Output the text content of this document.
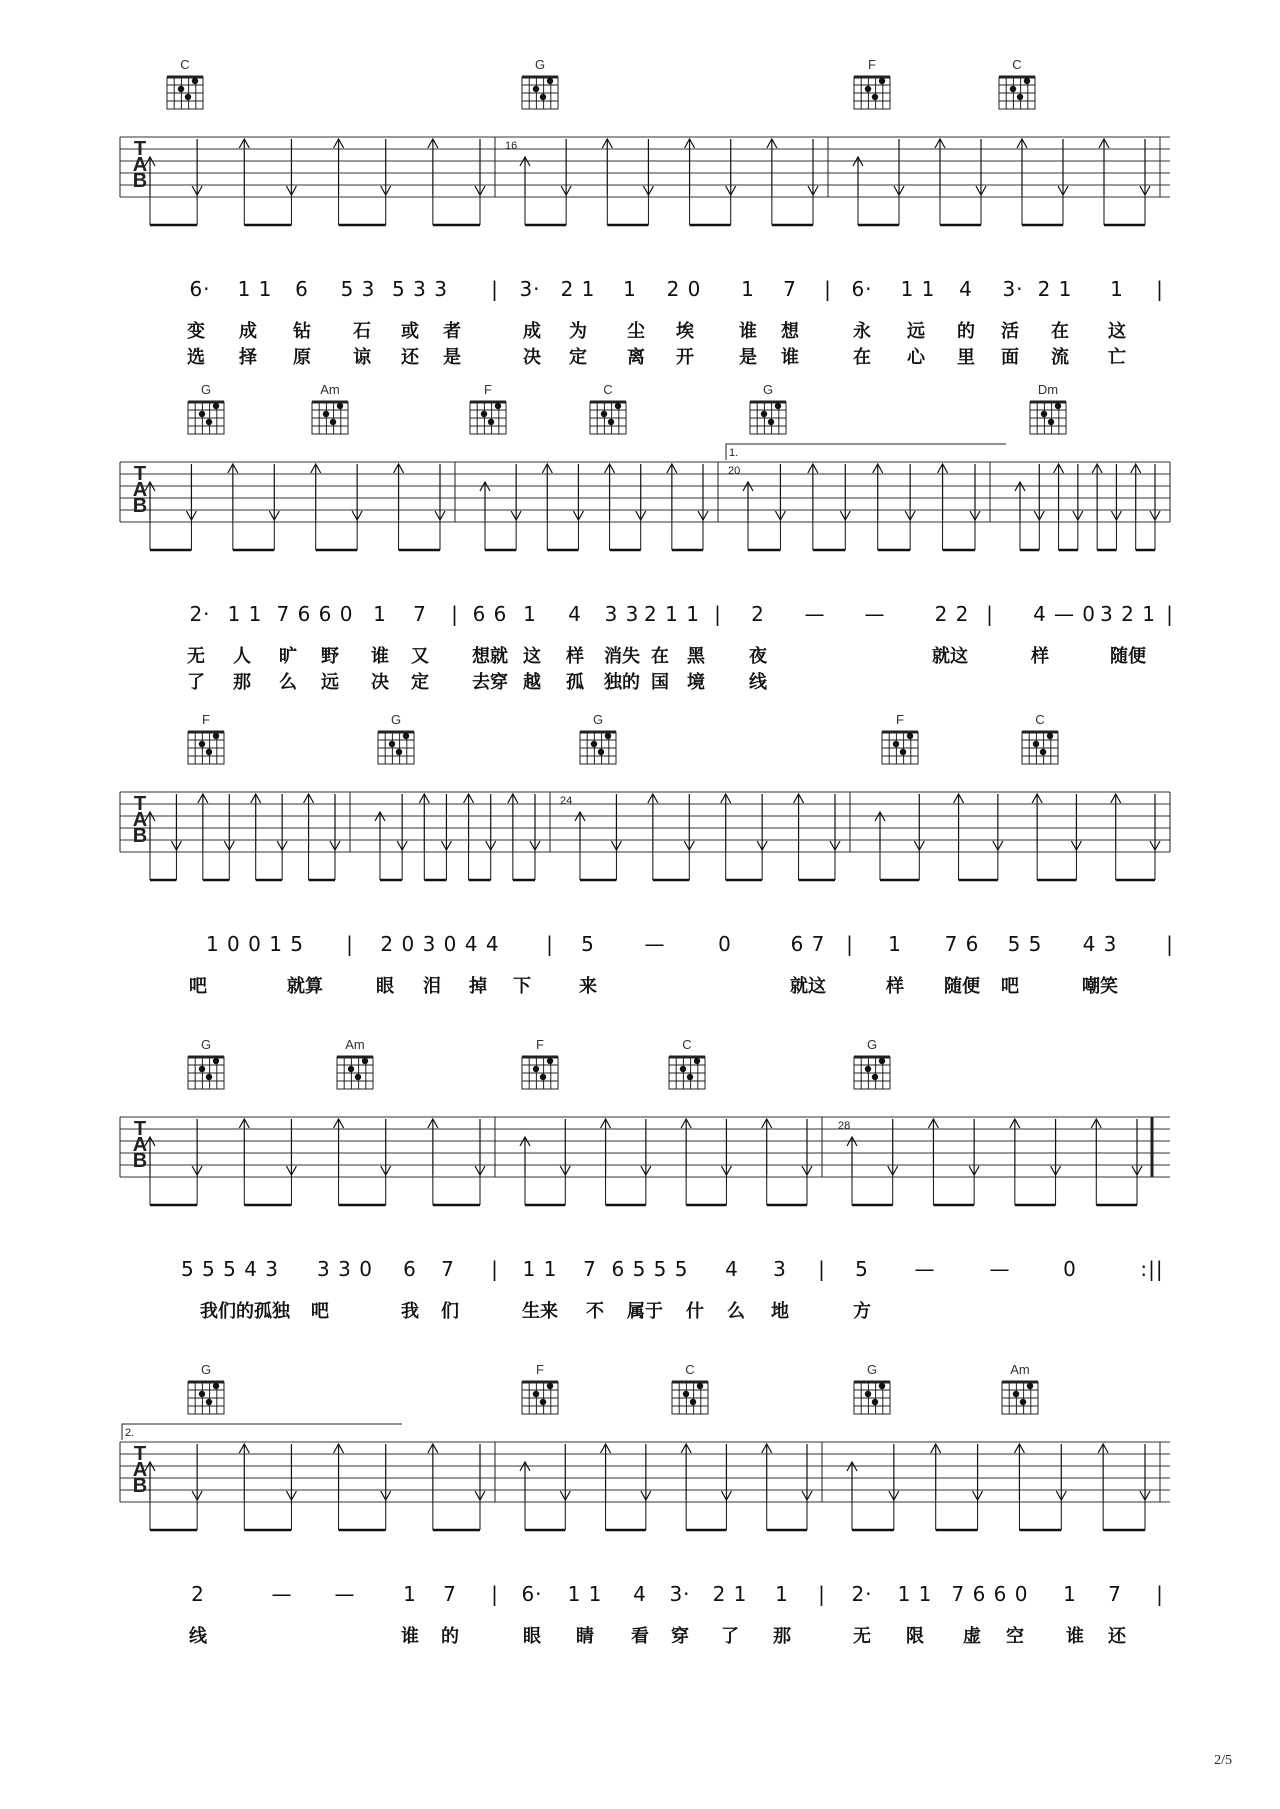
C	G	F	C
T
A
B
16
6· 1 1 6 5 3 5 3 3 | 3· 2 1 1 2 0 1 7 | 6· 1 1 4 3· 2 1 1 |
变 成 钻 石 或 者	成 为 尘 埃	谁 想	永 远 的 活 在 这
选 择 原 谅 还 是	决 定 离 开	是 谁	在 心 里 面 流 亡
G	Am	F	C	G	Dm
T
A
B
20
1.
2· 1 1 7 6 6 0 1 7 | 6 6 1 4 3 3 2 1 1 | 2 — — 2 2 | 4 — 0 3 2 1 |
无 人 旷 野 谁 又 想就 这 样 消失 在 黑 夜	就这	样	随便
了 那 么 远 决 定 去穿 越 孤 独的 国 境 线
F	G	G	F	C
T
A
B
24
1 0 0 1 5 | 2 0 3 0 4 4 | 5 —	0	6 7 | 1 7 6 5 5 4 3 |
吧	就算	眼 泪 掉 下	来	就这	样 随便 吧	嘲笑
G	Am	F	C	G
T
A
B
28
5 5 5 4 3 3 3 0 6 7 | 1 1 7 6 5 5 5 4 3 | 5 —	—	0	:||
我们的孤独 吧	我 们	生来 不 属于 什 么 地	方
G	F	C	G	Am
T
A
B
2.
2	— — 1 7 | 6· 1 1 4 3· 2 1 1 | 2· 1 1 7 6 6 0 1 7 |
线	谁 的	眼 睛 看 穿 了 那	无 限 虚 空 谁 还
2/5
